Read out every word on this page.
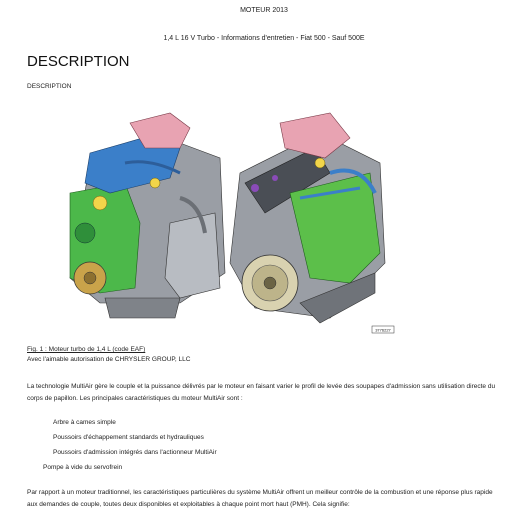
MOTEUR 2013
1,4 L 16 V Turbo - Informations d'entretien - Fiat 500 - Sauf 500E
DESCRIPTION
DESCRIPTION
3776227
Fig. 1 : Moteur turbo de 1,4 L (code EAF)
Avec l'aimable autorisation de CHRYSLER GROUP, LLC
La technologie MultiAir gère le couple et la puissance délivrés par le moteur en faisant varier le profil de levée des soupapes d'admission sans utilisation directe du corps de papillon. Les principales caractéristiques du moteur MultiAir sont :
Arbre à cames simple
Poussoirs d'échappement standards et hydrauliques
Poussoirs d'admission intégrés dans l'actionneur MultiAir
Pompe à vide du servofrein
Par rapport à un moteur traditionnel, les caractéristiques particulières du système MultiAir offrent un meilleur contrôle de la combustion et une réponse plus rapide aux demandes de couple, toutes deux disponibles et exploitables à chaque point mort haut (PMH). Cela signifie:
